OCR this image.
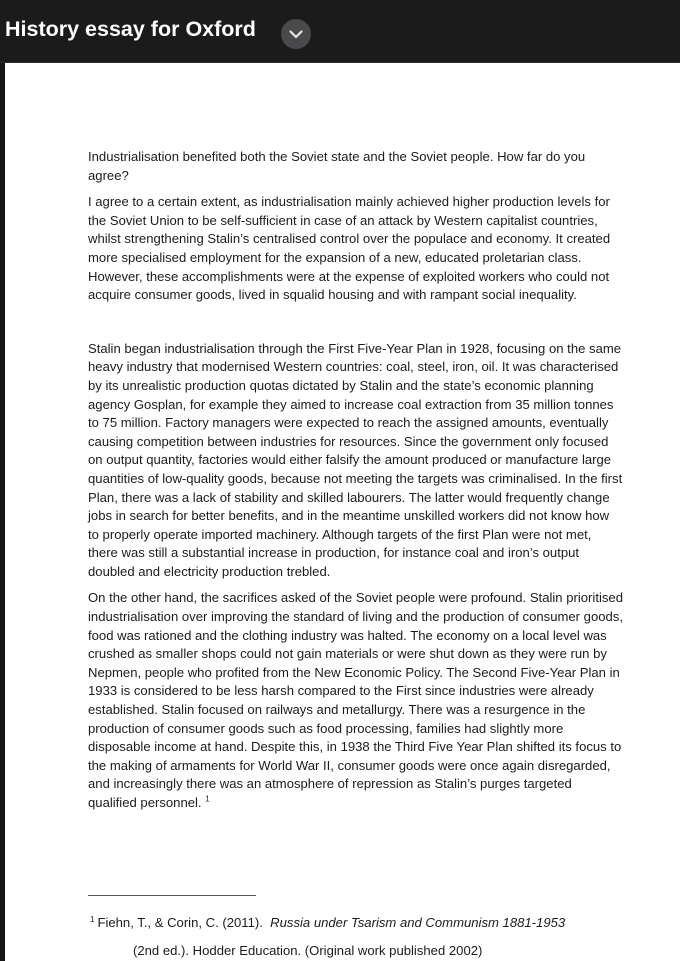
History essay for Oxford

Industrialisation benefited both the Soviet state and the Soviet people. How far do you agree?

I agree to a certain extent, as industrialisation mainly achieved higher production levels for the Soviet Union to be self-sufficient in case of an attack by Western capitalist countries, whilst strengthening Stalin’s centralised control over the populace and economy. It created more specialised employment for the expansion of a new, educated proletarian class. However, these accomplishments were at the expense of exploited workers who could not acquire consumer goods, lived in squalid housing and with rampant social inequality.

Stalin began industrialisation through the First Five-Year Plan in 1928, focusing on the same heavy industry that modernised Western countries: coal, steel, iron, oil. It was characterised by its unrealistic production quotas dictated by Stalin and the state’s economic planning agency Gosplan, for example they aimed to increase coal extraction from 35 million tonnes to 75 million. Factory managers were expected to reach the assigned amounts, eventually causing competition between industries for resources. Since the government only focused on output quantity, factories would either falsify the amount produced or manufacture large quantities of low-quality goods, because not meeting the targets was criminalised. In the first Plan, there was a lack of stability and skilled labourers. The latter would frequently change jobs in search for better benefits, and in the meantime unskilled workers did not know how to properly operate imported machinery. Although targets of the first Plan were not met, there was still a substantial increase in production, for instance coal and iron’s output doubled and electricity production trebled.

On the other hand, the sacrifices asked of the Soviet people were profound. Stalin prioritised industrialisation over improving the standard of living and the production of consumer goods, food was rationed and the clothing industry was halted. The economy on a local level was crushed as smaller shops could not gain materials or were shut down as they were run by Nepmen, people who profited from the New Economic Policy. The Second Five-Year Plan in 1933 is considered to be less harsh compared to the First since industries were already established. Stalin focused on railways and metallurgy. There was a resurgence in the production of consumer goods such as food processing, families had slightly more disposable income at hand. Despite this, in 1938 the Third Five Year Plan shifted its focus to the making of armaments for World War II, consumer goods were once again disregarded, and increasingly there was an atmosphere of repression as Stalin’s purges targeted qualified personnel. $^1$

$^1$ Fiehn, T., & Corin, C. (2011). Russia under Tsarism and Communism 1881-1953
(2nd ed.). Hodder Education. (Original work published 2002)
